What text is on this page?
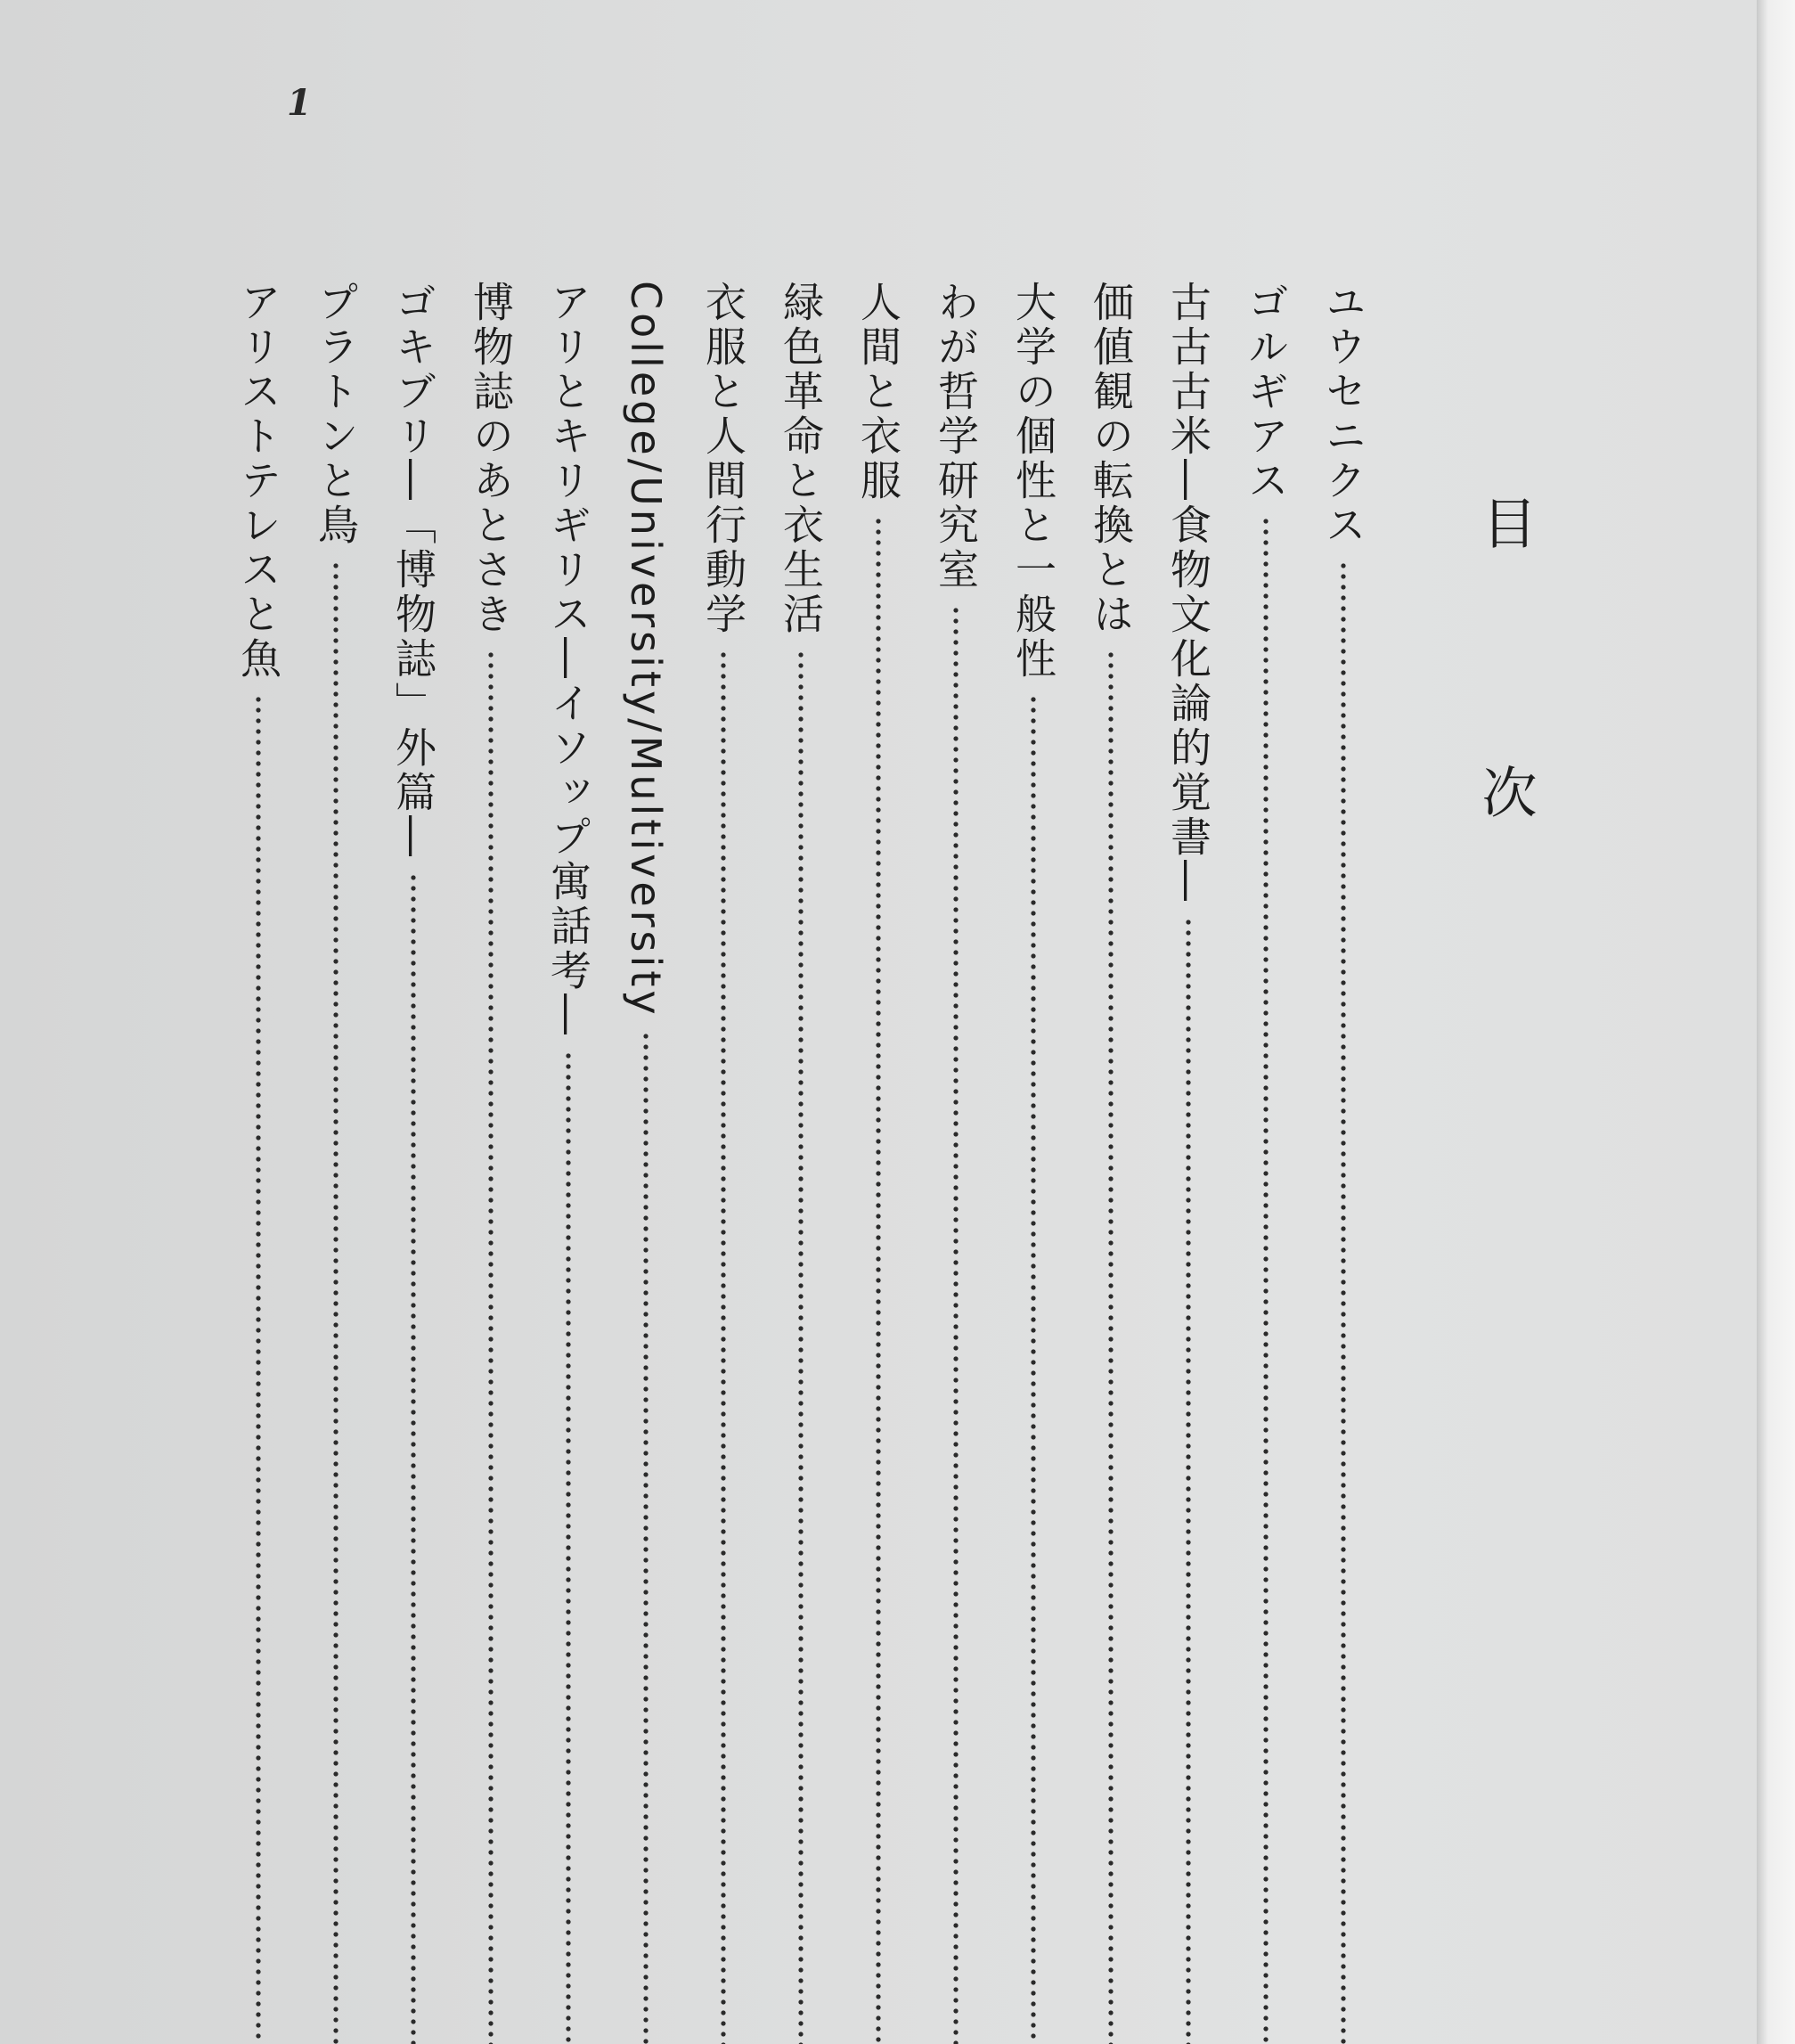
1
目 次
ユウセニクス
ゴルギアス
古古古米―食物文化論的覚書―
価値観の転換とは
大学の個性と一般性
わが哲学研究室
人間と衣服
緑色革命と衣生活
衣服と人間行動学
College/University/Multiversity
アリとキリギリス―イソップ寓話考―
博物誌のあとさき
ゴキブリ―「博物誌」外篇―
プラトンと鳥
アリストテレスと魚
